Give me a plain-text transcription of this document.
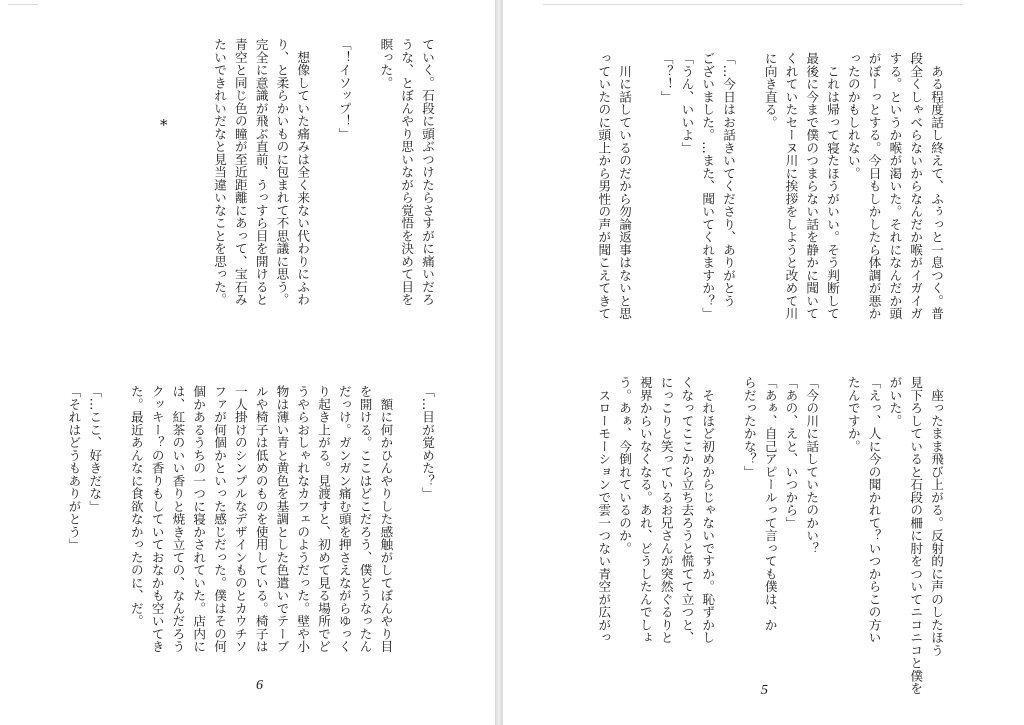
ていく。石段に頭ぶつけたらさすがに痛いだろ
うな、とぼんやり思いながら覚悟を決めて目を
瞑った。

「！イソップ！」

　想像していた痛みは全く来ない代わりにふわ
り、と柔らかいものに包まれて不思議に思う。
完全に意識が飛ぶ直前、うっすら目を開けると
青空と同じ色の瞳が至近距離にあって、宝石み
たいできれいだなと見当違いなことを思った。
*
「…目が覚めた？」

　額に何かひんやりした感触がしてぼんやり目
を開ける。ここはどこだろう、僕どうなったん
だっけ。ガンガン痛む頭を押さえながらゆっく
り起き上がる。見渡すと、初めて見る場所でど
うやらおしゃれなカフェのようだった。壁や小
物は薄い青と黄色を基調とした色遣いでテーブ
ルや椅子は低めのものを使用している。椅子は
一人掛けのシンプルなデザインものとカウチソ
ファが何個かといった感じだった。僕はその何
個かあるうちの一つに寝かされていた。店内に
は、紅茶のいい香りと焼き立ての、なんだろう
クッキー？の香りもしていておなかも空いてき
た。最近あんなに食欲なかったのに、だ。

「…ここ、好きだな」
「それはどうもありがとう」
6
　ある程度話し終えて、ふぅっと一息つく。普
段全くしゃべらないからなんだか喉がイガイガ
する。というか喉が渇いた。それになんだか頭
がぼーっとする。今日もしかしたら体調が悪か
ったのかもしれない。
　これは帰って寝たほうがいい。そう判断して
最後に今まで僕のつまらない話を静かに聞いて
くれていたセーヌ川に挨拶をしようと改めて川
に向き直る。

「…今日はお話きいてくださり、ありがとう
ございました。…また、聞いてくれますか？」
「うん、いいよ」
「？！」

　川に話しているのだから勿論返事はないと思
っていたのに頭上から男性の声が聞こえてきて
　座ったまま飛び上がる。反射的に声のしたほう
見下ろしていると石段の柵に肘をついてニコニコと僕を
がいた。
「えっ、人に今の聞かれて？いつからこの方い
たんですか。

「今の川に話していたのかい？
「あの、えと、いつから」
「あぁ、自己アピールって言っても僕は、か
らだったかな？」

　それほど初めからじゃないですか。恥ずかし
くなってここから立ち去ろうと慌てて立つと、
にっこりと笑っているお兄さんが突然ぐるりと
視界からいなくなる。あれ、どうしたんでしょ
う。あぁ、今倒れているのか。
　スローモーションで雲一つない青空が広がっ
5
